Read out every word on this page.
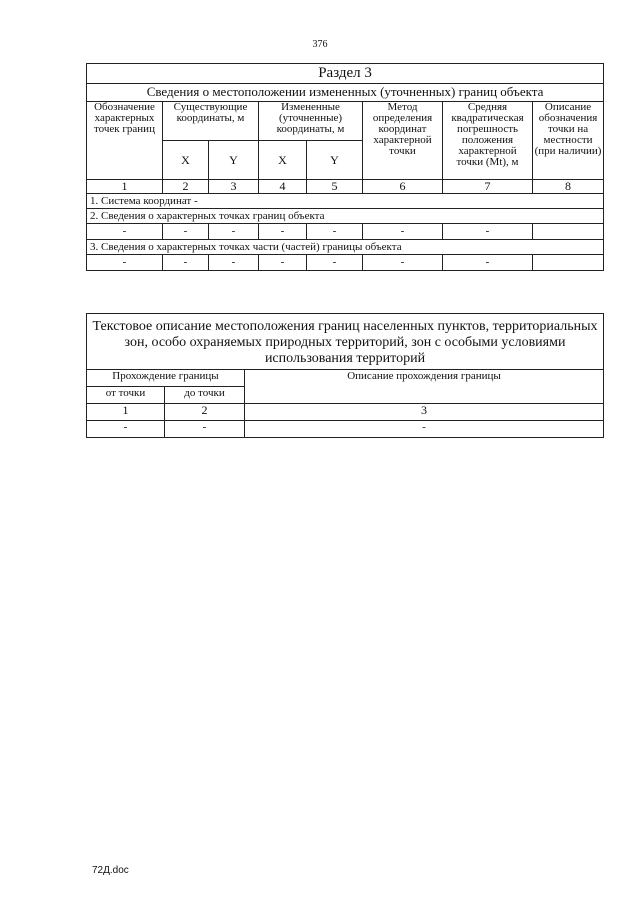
376
Раздел 3							
Сведения о местоположении измененных (уточненных) границ объекта							
Обозначение характерных точек границ	Существующие координаты, м		Измененные (уточненные) координаты, м		Метод определения координат характерной точки	Средняя квадратическая погрешность положения характерной точки (Mt), м	Описание обозначения точки на местности (при наличии)
	X	Y	X	Y			
1	2	3	4	5	6	7	8
1. Система координат -							
2. Сведения о характерных точках границ объекта							
-	-	-	-	-	-	-	
3. Сведения о характерных точках части (частей) границы объекта							
-	-	-	-	-	-	-	
Текстовое описание местоположения границ населенных пунктов, территориальных зон, особо охраняемых природных территорий, зон с особыми условиями использования территорий		
Прохождение границы		Описание прохождения границы
от точки	до точки	
1	2	3
-	-	-
72Д.doc
